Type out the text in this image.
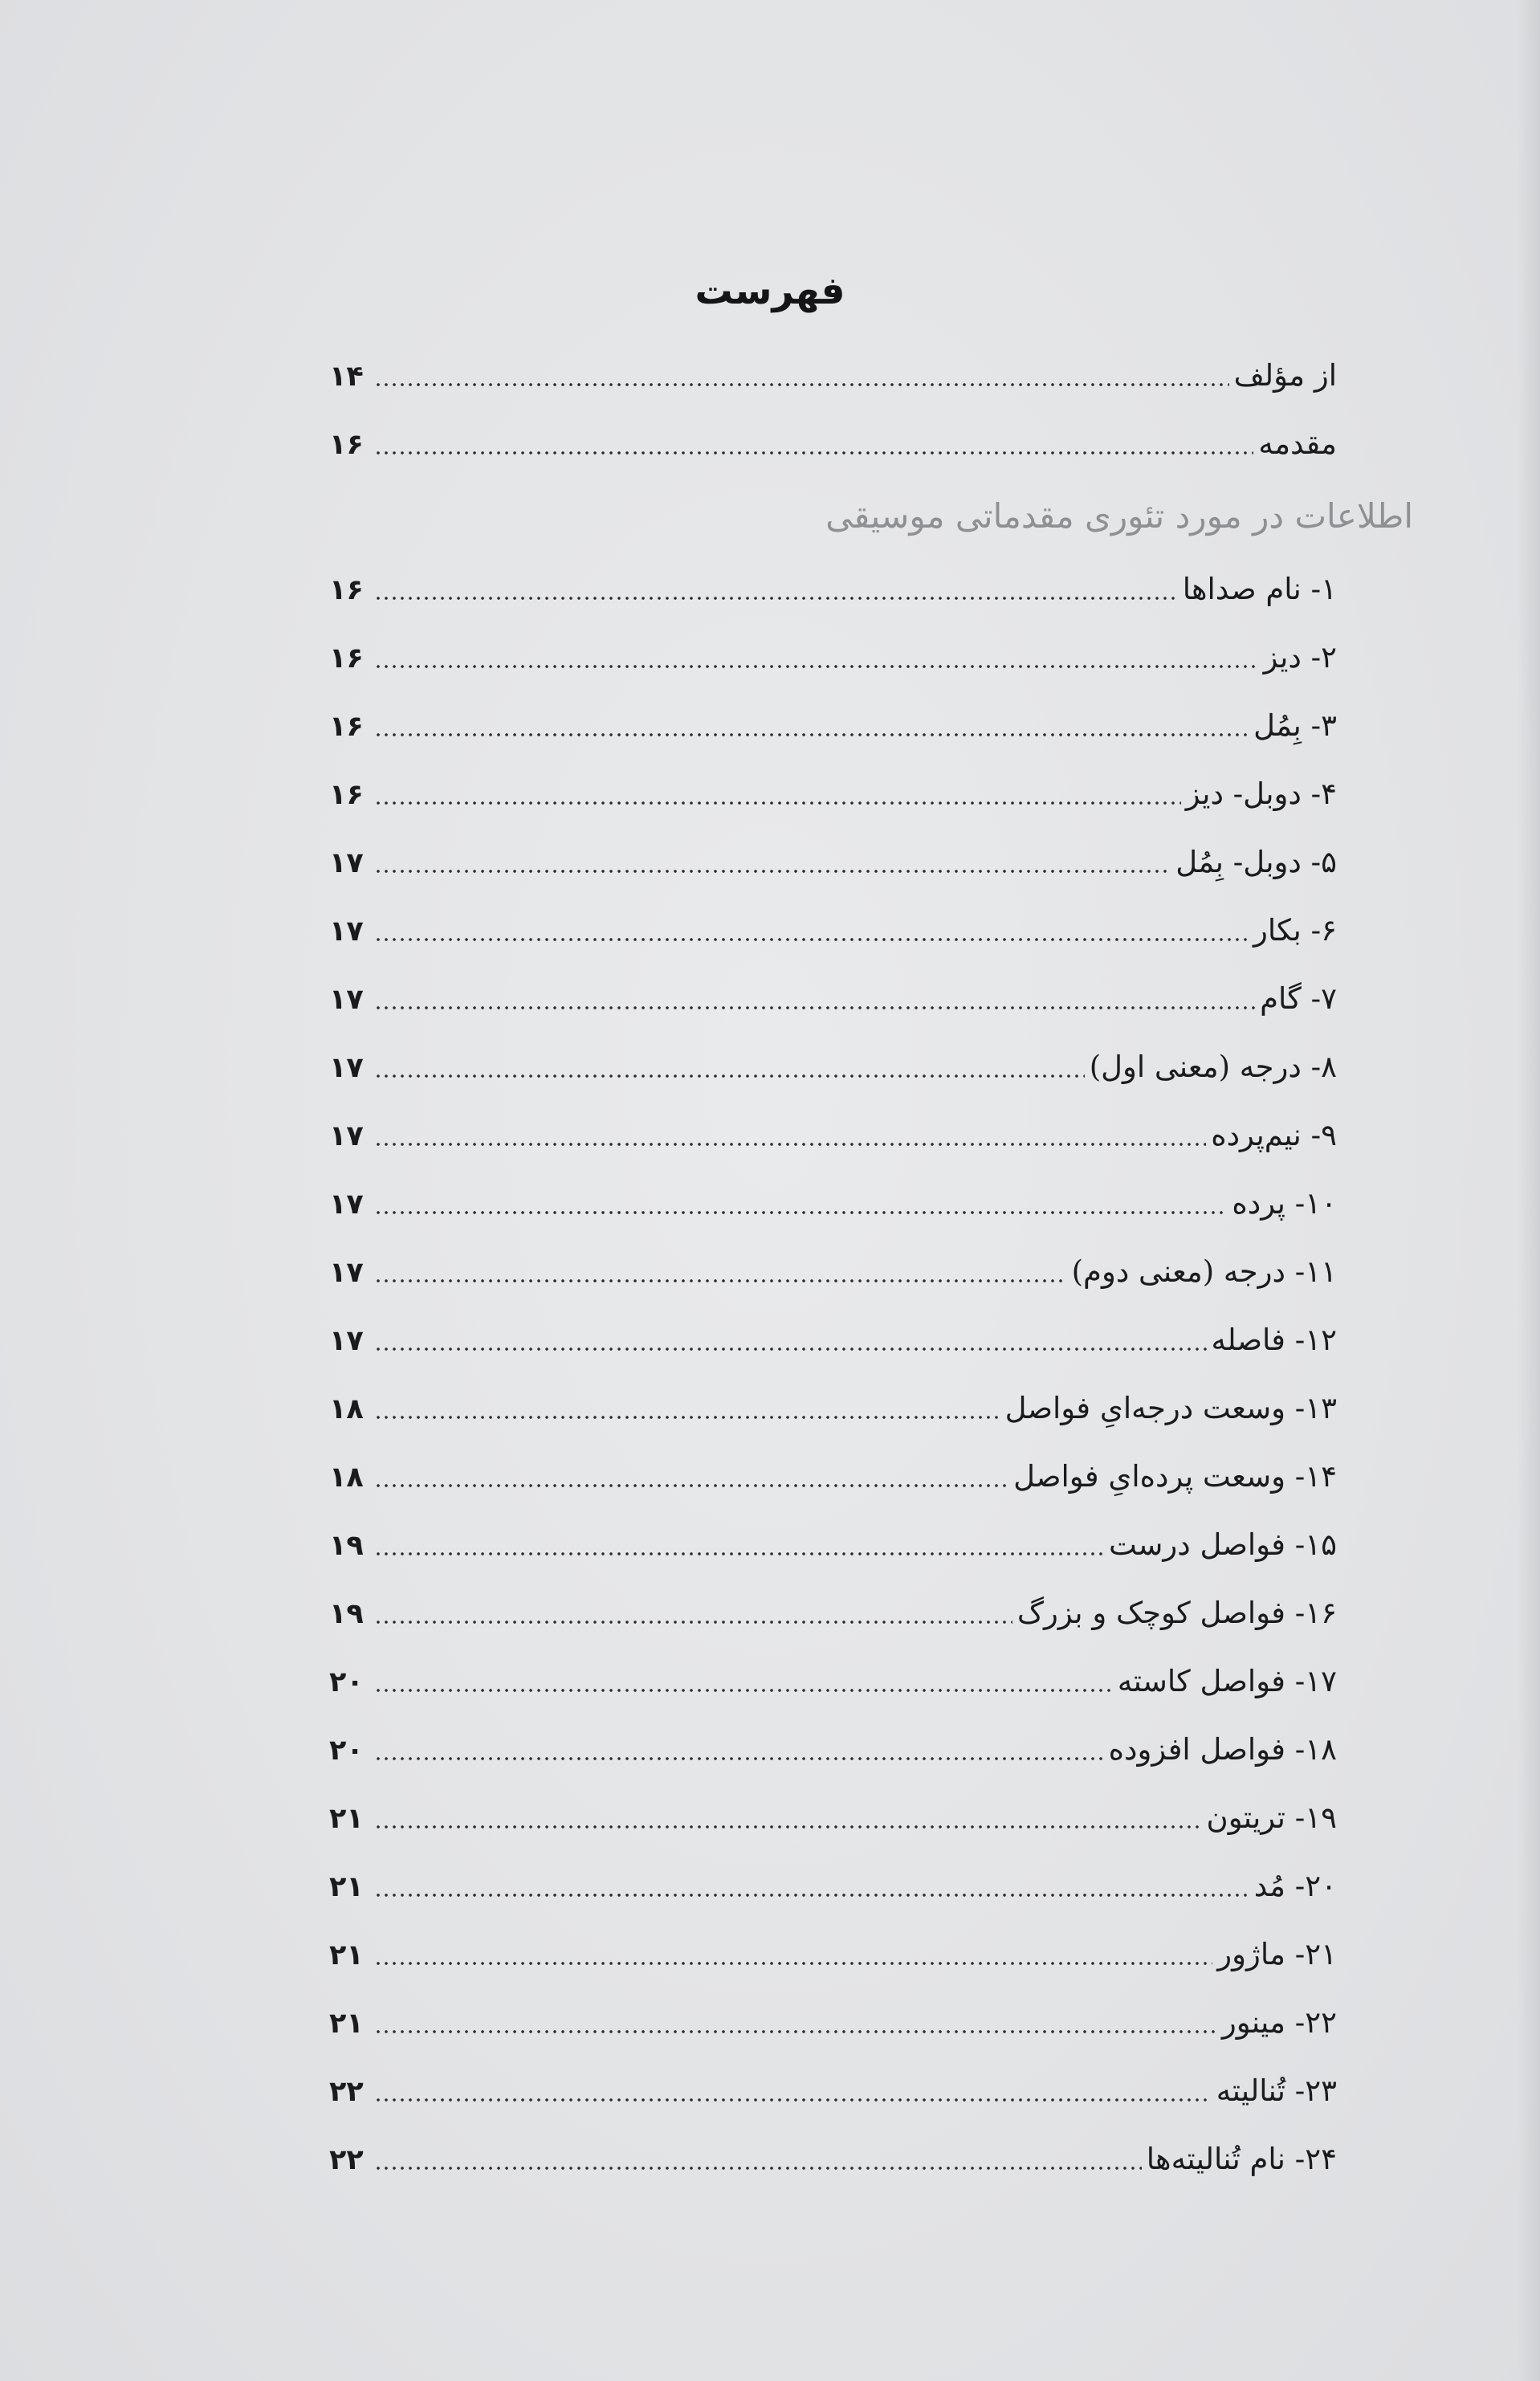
فهرست
از مؤلف
۱۴
مقدمه
۱۶
اطلاعات در مورد تئوری مقدماتی موسیقی
۱- نام صداها
۱۶
۲- دیز
۱۶
۳- بِمُل
۱۶
۴- دوبل- دیز
۱۶
۵- دوبل- بِمُل
۱۷
۶- بکار
۱۷
۷- گام
۱۷
۸- درجه (معنی اول)
۱۷
۹- نیم‌پرده
۱۷
۱۰- پرده
۱۷
۱۱- درجه (معنی دوم)
۱۷
۱۲- فاصله
۱۷
۱۳- وسعت درجه‌ایِ فواصل
۱۸
۱۴- وسعت پرده‌ایِ فواصل
۱۸
۱۵- فواصل درست
۱۹
۱۶- فواصل کوچک و بزرگ
۱۹
۱۷- فواصل کاسته
۲۰
۱۸- فواصل افزوده
۲۰
۱۹- تریتون
۲۱
۲۰- مُد
۲۱
۲۱- ماژور
۲۱
۲۲- مینور
۲۱
۲۳- تُنالیته
۲۲
۲۴- نام تُنالیته‌ها
۲۲
